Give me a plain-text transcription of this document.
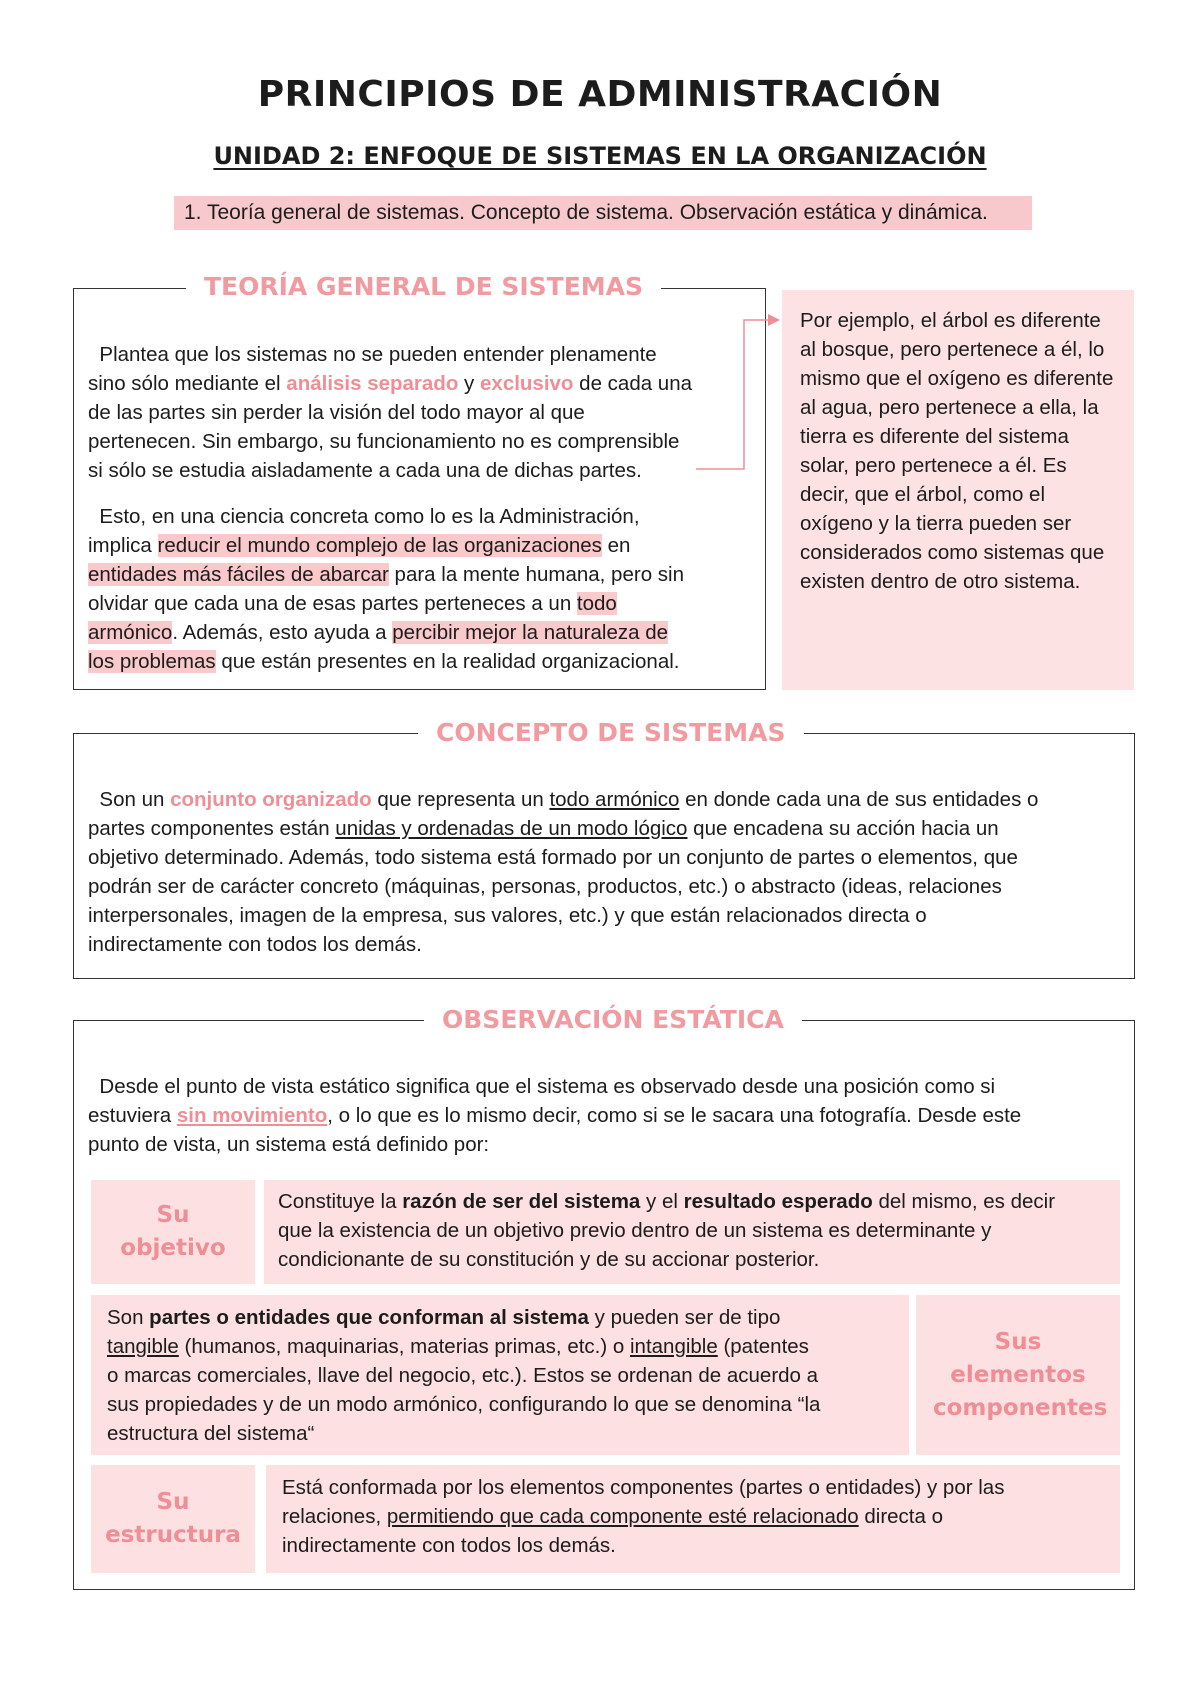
PRINCIPIOS DE ADMINISTRACIÓN
UNIDAD 2: ENFOQUE DE SISTEMAS EN LA ORGANIZACIÓN
1. Teoría general de sistemas. Concepto de sistema. Observación estática y dinámica.
TEORÍA GENERAL DE SISTEMAS
Plantea que los sistemas no se pueden entender plenamente
sino sólo mediante el análisis separado y exclusivo de cada una
de las partes sin perder la visión del todo mayor al que
pertenecen. Sin embargo, su funcionamiento no es comprensible
si sólo se estudia aisladamente a cada una de dichas partes.
Esto, en una ciencia concreta como lo es la Administración,
implica reducir el mundo complejo de las organizaciones en
entidades más fáciles de abarcar para la mente humana, pero sin
olvidar que cada una de esas partes perteneces a un todo
armónico. Además, esto ayuda a percibir mejor la naturaleza de
los problemas que están presentes en la realidad organizacional.
Por ejemplo, el árbol es diferente al bosque, pero pertenece a él, lo mismo que el oxígeno es diferente al agua, pero pertenece a ella, la tierra es diferente del sistema solar, pero pertenece a él. Es decir, que el árbol, como el oxígeno y la tierra pueden ser considerados como sistemas que existen dentro de otro sistema.
CONCEPTO DE SISTEMAS
Son un conjunto organizado que representa un todo armónico en donde cada una de sus entidades o
partes componentes están unidas y ordenadas de un modo lógico que encadena su acción hacia un
objetivo determinado. Además, todo sistema está formado por un conjunto de partes o elementos, que
podrán ser de carácter concreto (máquinas, personas, productos, etc.) o abstracto (ideas, relaciones
interpersonales, imagen de la empresa, sus valores, etc.) y que están relacionados directa o
indirectamente con todos los demás.
OBSERVACIÓN ESTÁTICA
Desde el punto de vista estático significa que el sistema es observado desde una posición como si
estuviera sin movimiento, o lo que es lo mismo decir, como si se le sacara una fotografía. Desde este
punto de vista, un sistema está definido por:
Su objetivo
Constituye la razón de ser del sistema y el resultado esperado del mismo, es decir
que la existencia de un objetivo previo dentro de un sistema es determinante y
condicionante de su constitución y de su accionar posterior.
Son partes o entidades que conforman al sistema y pueden ser de tipo
tangible (humanos, maquinarias, materias primas, etc.) o intangible (patentes
o marcas comerciales, llave del negocio, etc.). Estos se ordenan de acuerdo a
sus propiedades y de un modo armónico, configurando lo que se denomina “la
estructura del sistema“
Sus elementos componentes
Su estructura
Está conformada por los elementos componentes (partes o entidades) y por las
relaciones, permitiendo que cada componente esté relacionado directa o
indirectamente con todos los demás.
